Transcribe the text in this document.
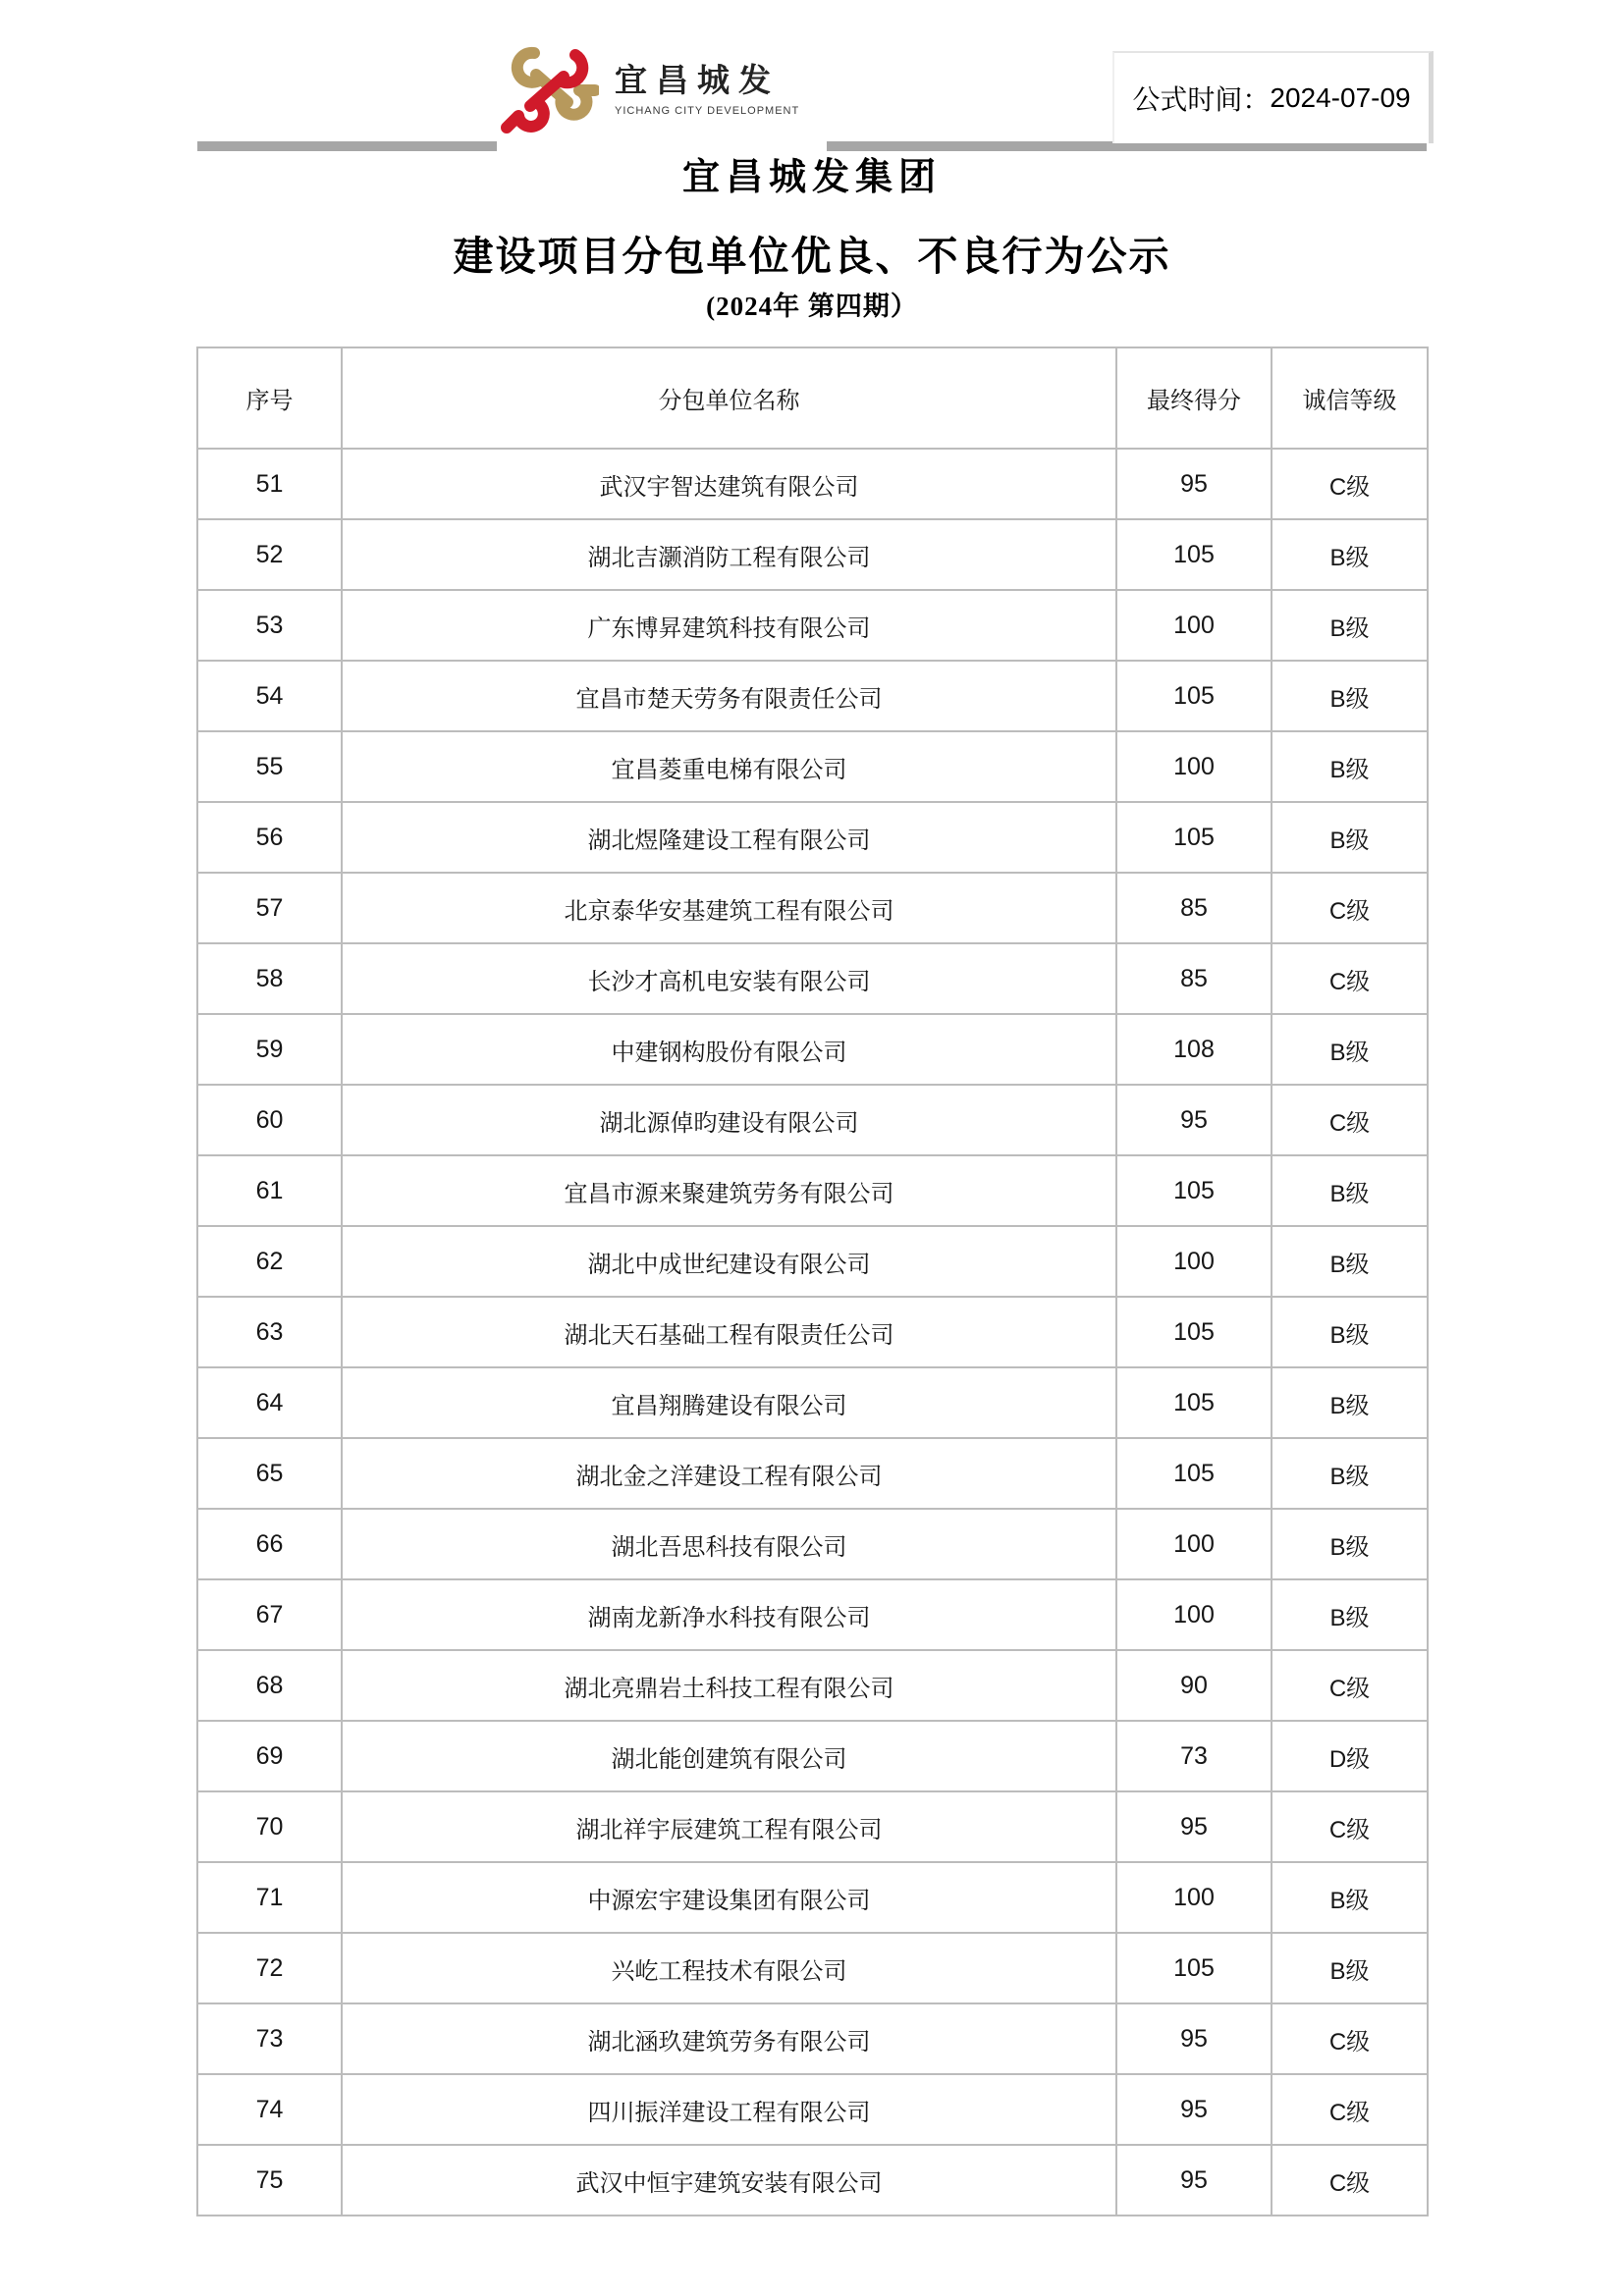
宜昌城发
YICHANG CITY DEVELOPMENT	公式时间： 2024-07-09
宜昌城发集团
建设项目分包单位优良、不良行为公示
(2024年 第四期）
序号	分包单位名称	最终得分	诚信等级
51	武汉宇智达建筑有限公司	95	C级
52	湖北吉灏消防工程有限公司	105	B级
53	广东博昇建筑科技有限公司	100	B级
54	宜昌市楚天劳务有限责任公司	105	B级
55	宜昌菱重电梯有限公司	100	B级
56	湖北煜隆建设工程有限公司	105	B级
57	北京泰华安基建筑工程有限公司	85	C级
58	长沙才高机电安装有限公司	85	C级
59	中建钢构股份有限公司	108	B级
60	湖北源倬昀建设有限公司	95	C级
61	宜昌市源来聚建筑劳务有限公司	105	B级
62	湖北中成世纪建设有限公司	100	B级
63	湖北天石基础工程有限责任公司	105	B级
64	宜昌翔腾建设有限公司	105	B级
65	湖北金之洋建设工程有限公司	105	B级
66	湖北吾思科技有限公司	100	B级
67	湖南龙新净水科技有限公司	100	B级
68	湖北亮鼎岩土科技工程有限公司	90	C级
69	湖北能创建筑有限公司	73	D级
70	湖北祥宇辰建筑工程有限公司	95	C级
71	中源宏宇建设集团有限公司	100	B级
72	兴屹工程技术有限公司	105	B级
73	湖北涵玖建筑劳务有限公司	95	C级
74	四川振洋建设工程有限公司	95	C级
75	武汉中恒宇建筑安装有限公司	95	C级
